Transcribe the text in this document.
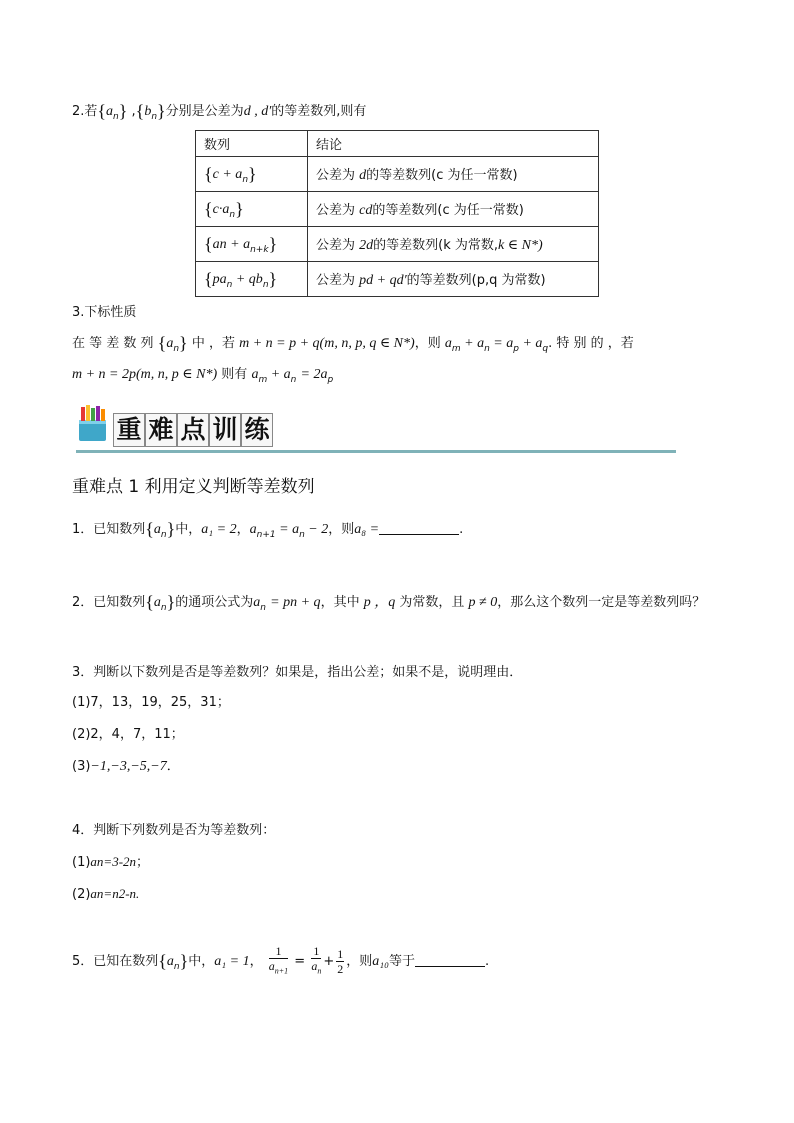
2.若$\{a_n\}$ $,\{b_n\}$分别是公差为d , d′的等差数列,则有
数列	结论
$\{c + a_n\}$	公差为 d的等差数列(c 为任一常数)
$\{c\cdot a_n\}$	公差为 cd的等差数列(c 为任一常数)
$\{an + a_{n+k}\}$	公差为 2d的等差数列(k 为常数,k ∈ N*)
$\{pa_n + qb_n\}$	公差为 pd + qd′的等差数列(p,q 为常数)
3.下标性质
在 等 差 数 列 $\{a_n\}$ 中 ，若 m + n = p + q(m, n, p, q ∈ N*)，则 $a_m + a_n = a_p + a_q$. 特 别 的 ，若
m + n = 2p(m, n, p ∈ N*) 则有 $a_m + a_n = 2a_p$
重 难 点 训 练
重难点 1 利用定义判断等差数列
1．已知数列$\{a_n\}$中，a₁ = 2，$a_{n+1} = a_n - 2$，则a₈ =	.
2．已知数列$\{a_n\}$的通项公式为$a_n$ = pn + q，其中 p ，q 为常数，且 p ≠ 0，那么这个数列一定是等差数列吗？
3．判断以下数列是否是等差数列？如果是，指出公差；如果不是，说明理由．
(1)7，13，19，25，31；
(2)2，4，7，11；
(3)−1,−3,−5,−7．
4．判断下列数列是否为等差数列：
(1)an=3-2n；
(2)an=n2-n.
5．已知在数列$\{a_n\}$中，a₁ = 1， $\frac{1}{a_{n+1}} = \frac{1}{a_n} + \frac{1}{2}$ ，则a₁₀等于	.
